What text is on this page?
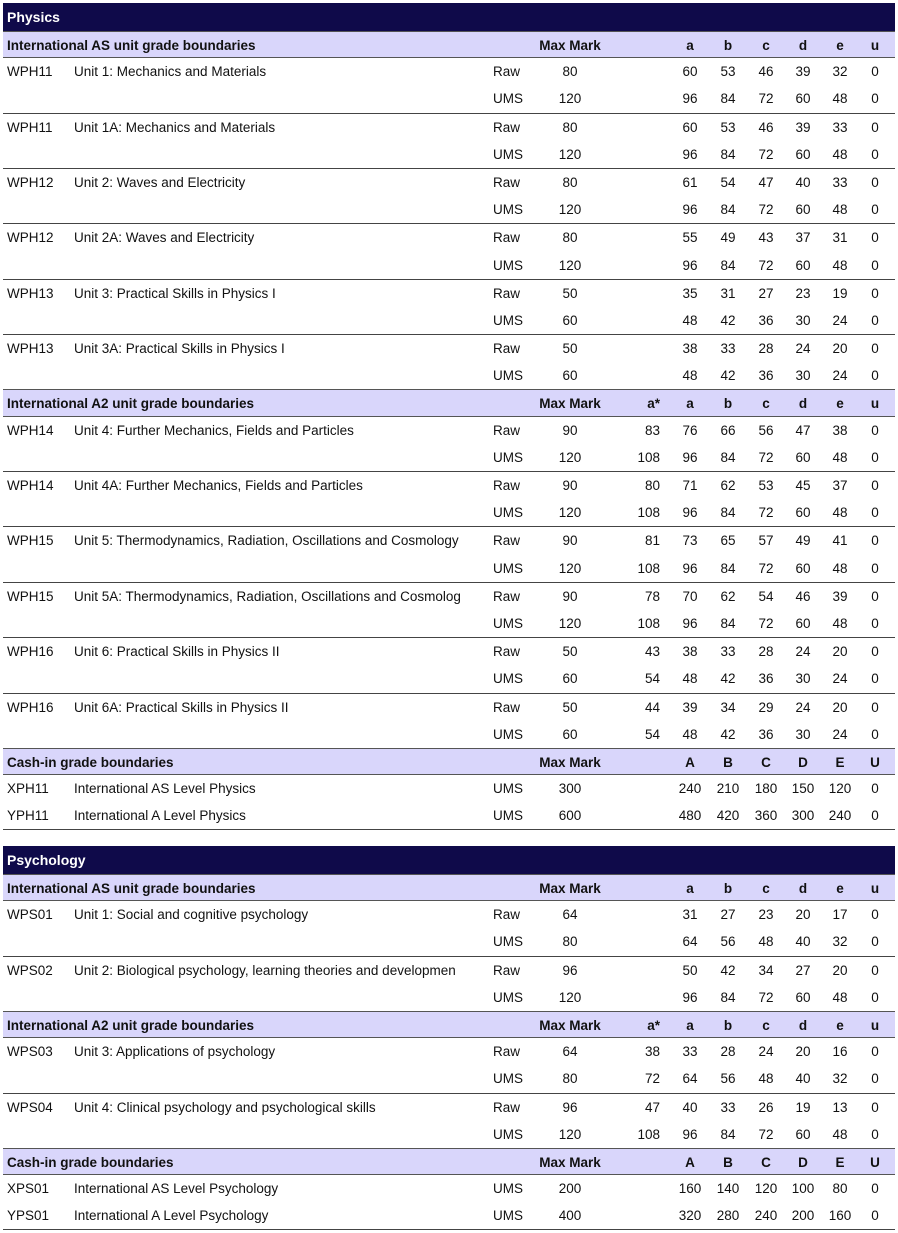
Physics
International AS unit grade boundaries	Max Mark	a	b	c	d	e	u
WPH11 Unit 1: Mechanics and Materials	Raw	80	60	53	46	39	32	0
UMS	120	96	84	72	60	48	0
WPH11 Unit 1A: Mechanics and Materials	Raw	80	60	53	46	39	33	0
UMS	120	96	84	72	60	48	0
WPH12 Unit 2: Waves and Electricity	Raw	80	61	54	47	40	33	0
UMS	120	96	84	72	60	48	0
WPH12 Unit 2A: Waves and Electricity	Raw	80	55	49	43	37	31	0
UMS	120	96	84	72	60	48	0
WPH13 Unit 3: Practical Skills in Physics I	Raw	50	35	31	27	23	19	0
UMS	60	48	42	36	30	24	0
WPH13 Unit 3A: Practical Skills in Physics I	Raw	50	38	33	28	24	20	0
UMS	60	48	42	36	30	24	0
International A2 unit grade boundaries	Max Mark	a*	a	b	c	d	e	u
WPH14 Unit 4: Further Mechanics, Fields and Particles	Raw	90	83	76	66	56	47	38	0
UMS	120	108	96	84	72	60	48	0
WPH14 Unit 4A: Further Mechanics, Fields and Particles	Raw	90	80	71	62	53	45	37	0
UMS	120	108	96	84	72	60	48	0
WPH15 Unit 5: Thermodynamics, Radiation, Oscillations and Cosmology	Raw	90	81	73	65	57	49	41	0
UMS	120	108	96	84	72	60	48	0
WPH15 Unit 5A: Thermodynamics, Radiation, Oscillations and Cosmolog	Raw	90	78	70	62	54	46	39	0
UMS	120	108	96	84	72	60	48	0
WPH16 Unit 6: Practical Skills in Physics II	Raw	50	43	38	33	28	24	20	0
UMS	60	54	48	42	36	30	24	0
WPH16 Unit 6A: Practical Skills in Physics II	Raw	50	44	39	34	29	24	20	0
UMS	60	54	48	42	36	30	24	0
Cash-in grade boundaries	Max Mark	A	B	C	D	E	U
XPH11 International AS Level Physics	UMS	300	240	210	180	150	120	0
YPH11 International A Level Physics	UMS	600	480	420	360	300	240	0
Psychology
International AS unit grade boundaries	Max Mark	a	b	c	d	e	u
WPS01 Unit 1: Social and cognitive psychology	Raw	64	31	27	23	20	17	0
UMS	80	64	56	48	40	32	0
WPS02 Unit 2: Biological psychology, learning theories and developmen	Raw	96	50	42	34	27	20	0
UMS	120	96	84	72	60	48	0
International A2 unit grade boundaries	Max Mark	a*	a	b	c	d	e	u
WPS03 Unit 3: Applications of psychology	Raw	64	38	33	28	24	20	16	0
UMS	80	72	64	56	48	40	32	0
WPS04 Unit 4: Clinical psychology and psychological skills	Raw	96	47	40	33	26	19	13	0
UMS	120	108	96	84	72	60	48	0
Cash-in grade boundaries	Max Mark	A	B	C	D	E	U
XPS01 International AS Level Psychology	UMS	200	160	140	120	100	80	0
YPS01 International A Level Psychology	UMS	400	320	280	240	200	160	0
